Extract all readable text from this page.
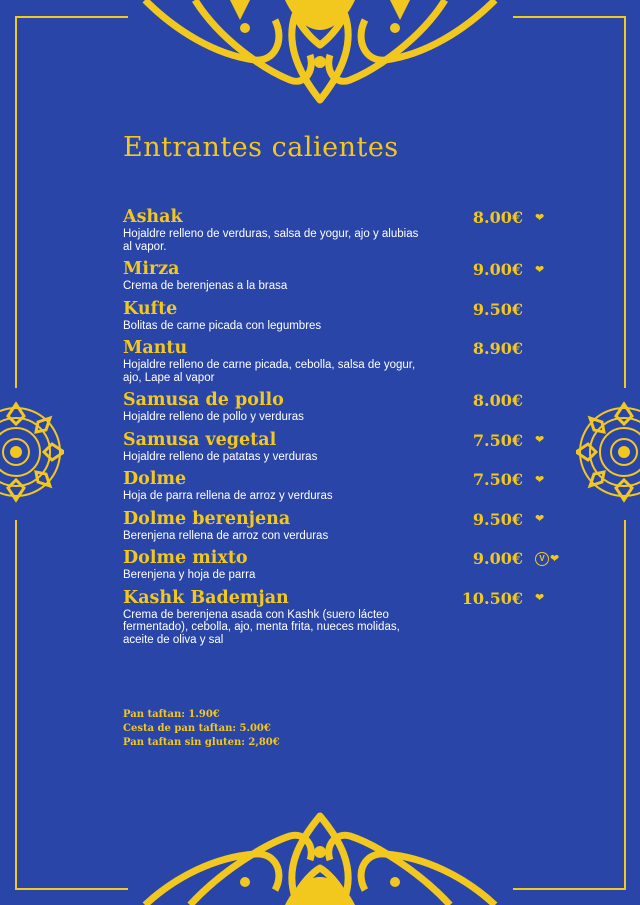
Entrantes calientes
Ashak
Hojaldre relleno de verduras, salsa de yogur, ajo y alubias al vapor.
8.00€ ❤
Mirza
Crema de berenjenas a la brasa
9.00€ ❤
Kufte
Bolitas de carne picada con legumbres
9.50€
Mantu
Hojaldre relleno de carne picada, cebolla, salsa de yogur, ajo, Lape al vapor
8.90€
Samusa de pollo
Hojaldre relleno de pollo y verduras
8.00€
Samusa vegetal
Hojaldre relleno de patatas y verduras
7.50€ ❤
Dolme
Hoja de parra rellena de arroz y verduras
7.50€ ❤
Dolme berenjena
Berenjena rellena de arroz con verduras
9.50€ ❤
Dolme mixto
Berenjena y hoja de parra
9.00€	V ❤
Kashk Bademjan
Crema de berenjena asada con Kashk (suero lácteo fermentado), cebolla, ajo, menta frita, nueces molidas, aceite de oliva y sal
10.50€ ❤
Pan taftan: 1.90€
Cesta de pan taftan: 5.00€
Pan taftan sin gluten: 2,80€
